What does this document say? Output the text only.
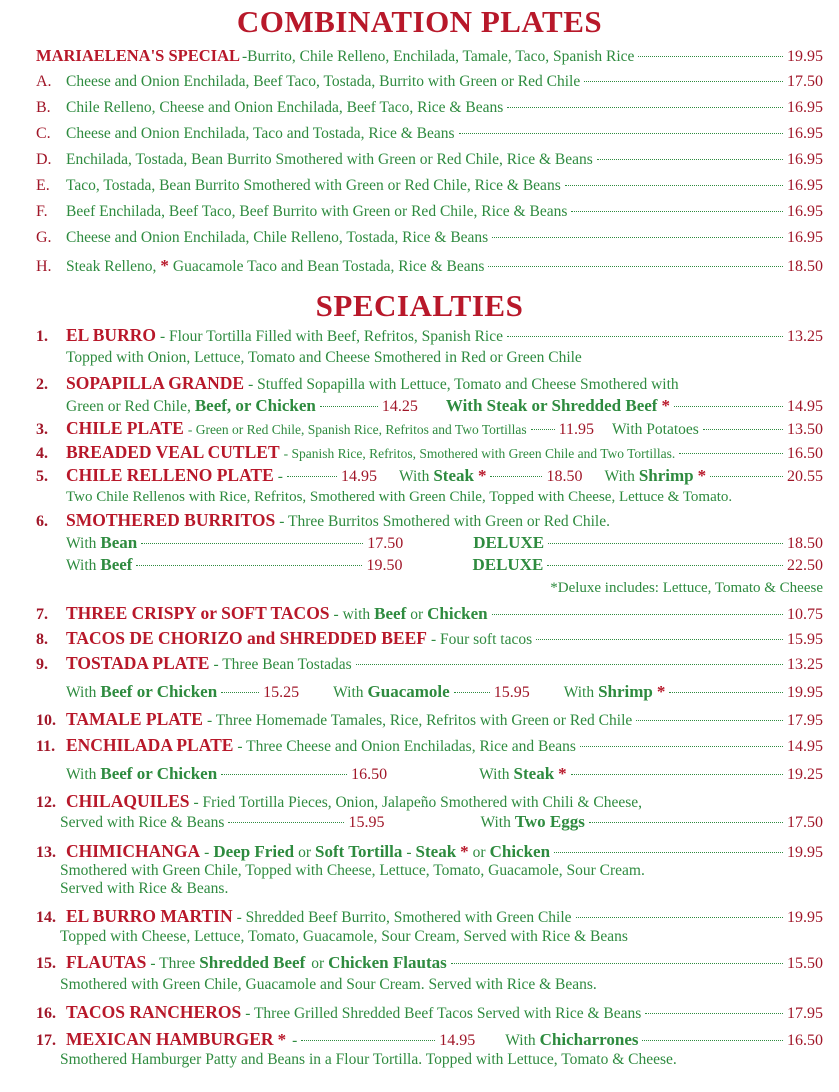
COMBINATION PLATES
MARIAELENA'S SPECIAL -Burrito, Chile Relleno, Enchilada, Tamale, Taco, Spanish Rice	19.95
A. Cheese and Onion Enchilada, Beef Taco, Tostada, Burrito with Green or Red Chile	17.50
B. Chile Relleno, Cheese and Onion Enchilada, Beef Taco, Rice & Beans	16.95
C. Cheese and Onion Enchilada, Taco and Tostada, Rice & Beans	16.95
D. Enchilada, Tostada, Bean Burrito Smothered with Green or Red Chile, Rice & Beans	16.95
E.	Taco, Tostada, Bean Burrito Smothered with Green or Red Chile, Rice & Beans	16.95
F.	Beef Enchilada, Beef Taco, Beef Burrito with Green or Red Chile, Rice & Beans	16.95
G. Cheese and Onion Enchilada, Chile Relleno, Tostada, Rice & Beans	16.95
H. Steak Relleno, * Guacamole Taco and Bean Tostada, Rice & Beans	18.50
SPECIALTIES
1.	EL BURRO - Flour Tortilla Filled with Beef, Refritos, Spanish Rice	13.25
Topped with Onion, Lettuce, Tomato and Cheese Smothered in Red or Green Chile
2.	SOPAPILLA GRANDE - Stuffed Sopapilla with Lettuce, Tomato and Cheese Smothered with
Green or Red Chile, Beef, or Chicken	14.25 With Steak or Shredded Beef *	14.95
3.	CHILE PLATE - Green or Red Chile, Spanish Rice, Refritos and Two Tortillas 11.95 With Potatoes	13.50
4.	BREADED VEAL CUTLET - Spanish Rice, Refritos, Smothered with Green Chile and Two Tortillas.	16.50
5.	CHILE RELLENO PLATE -	14.95 With Steak *	18.50 With Shrimp *	20.55
Two Chile Rellenos with Rice, Refritos, Smothered with Green Chile, Topped with Cheese, Lettuce & Tomato.
6.	SMOTHERED BURRITOS - Three Burritos Smothered with Green or Red Chile.
With Bean	17.50	DELUXE	18.50
With Beef	19.50	DELUXE	22.50
*Deluxe includes: Lettuce, Tomato & Cheese
7.	THREE CRISPY or SOFT TACOS - with Beef or Chicken	10.75
8.	TACOS DE CHORIZO and SHREDDED BEEF - Four soft tacos	15.95
9.	TOSTADA PLATE - Three Bean Tostadas	13.25
With Beef or Chicken	15.25 With Guacamole	15.95 With Shrimp *	19.95
10. TAMALE PLATE - Three Homemade Tamales, Rice, Refritos with Green or Red Chile	17.95
11. ENCHILADA PLATE - Three Cheese and Onion Enchiladas, Rice and Beans	14.95
With Beef or Chicken	16.50	With Steak *	19.25
12. CHILAQUILES - Fried Tortilla Pieces, Onion, Jalapeño Smothered with Chili & Cheese,
Served with Rice & Beans	15.95	With Two Eggs	17.50
13. CHIMICHANGA - Deep Fried or Soft Tortilla - Steak * or Chicken	19.95
Smothered with Green Chile, Topped with Cheese, Lettuce, Tomato, Guacamole, Sour Cream.
Served with Rice & Beans.
14. EL BURRO MARTIN - Shredded Beef Burrito, Smothered with Green Chile	19.95
Topped with Cheese, Lettuce, Tomato, Guacamole, Sour Cream, Served with Rice & Beans
15. FLAUTAS - Three Shredded Beef or Chicken Flautas	15.50
Smothered with Green Chile, Guacamole and Sour Cream. Served with Rice & Beans.
16. TACOS RANCHEROS - Three Grilled Shredded Beef Tacos Served with Rice & Beans	17.95
17. MEXICAN HAMBURGER * -	14.95 With Chicharrones	16.50
Smothered Hamburger Patty and Beans in a Flour Tortilla. Topped with Lettuce, Tomato & Cheese.
